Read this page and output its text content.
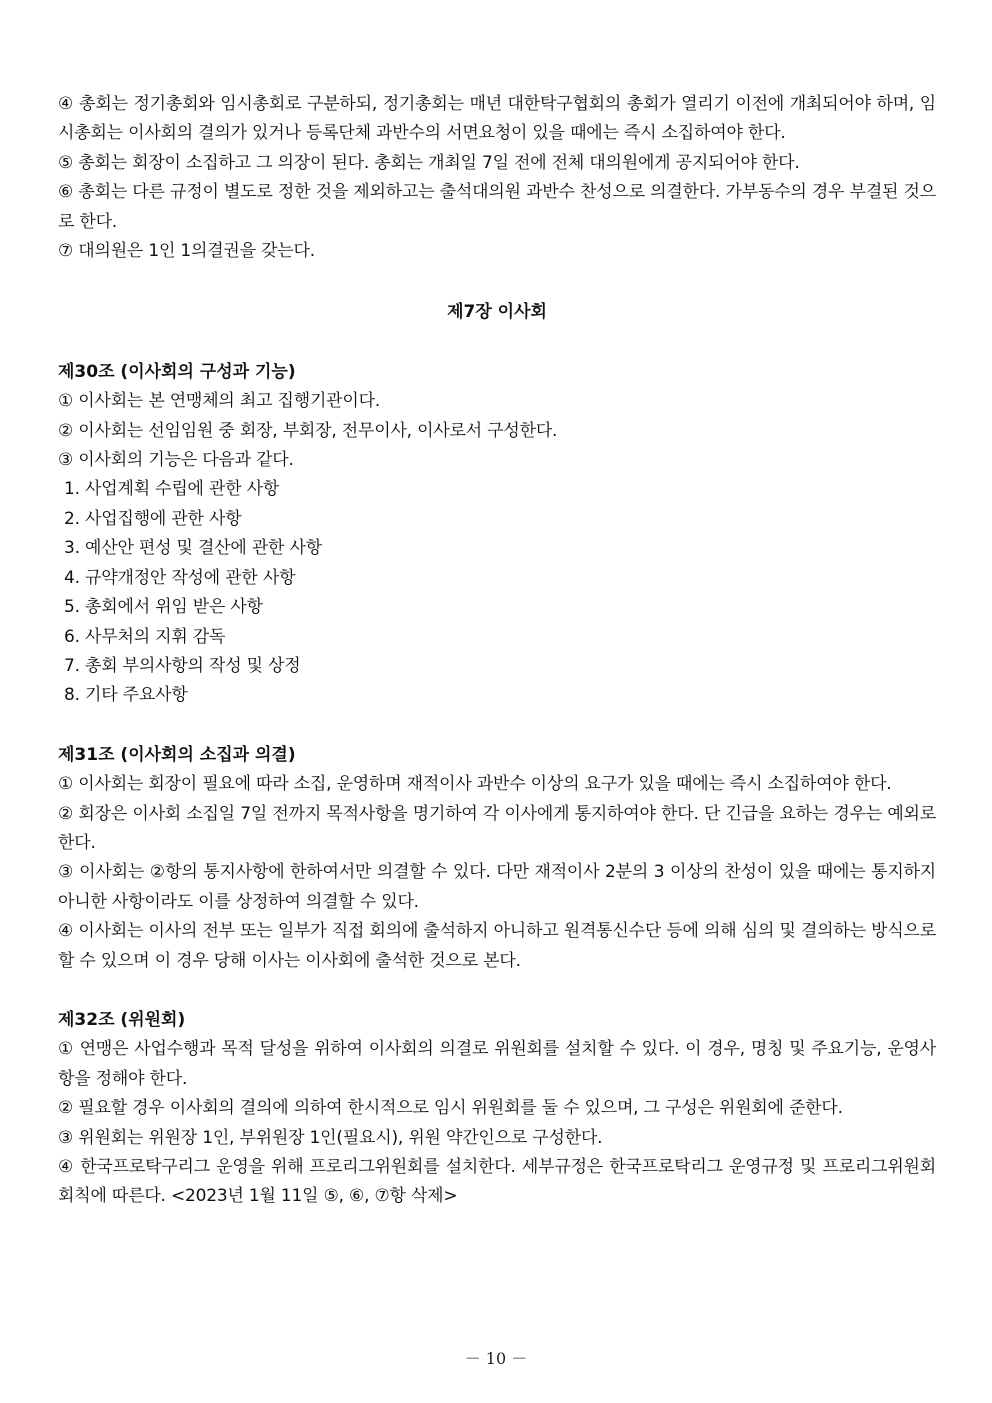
④ 총회는 정기총회와 임시총회로 구분하되, 정기총회는 매년 대한탁구협회의 총회가 열리기 이전에 개최되어야 하며, 임시총회는 이사회의 결의가 있거나 등록단체 과반수의 서면요청이 있을 때에는 즉시 소집하여야 한다.

⑤ 총회는 회장이 소집하고 그 의장이 된다. 총회는 개최일 7일 전에 전체 대의원에게 공지되어야 한다.

⑥ 총회는 다른 규정이 별도로 정한 것을 제외하고는 출석대의원 과반수 찬성으로 의결한다. 가부동수의 경우 부결된 것으로 한다.

⑦ 대의원은 1인 1의결권을 갖는다.

제7장 이사회

제30조 (이사회의 구성과 기능)

① 이사회는 본 연맹체의 최고 집행기관이다.

② 이사회는 선임임원 중 회장, 부회장, 전무이사, 이사로서 구성한다.

③ 이사회의 기능은 다음과 같다.

1. 사업계획 수립에 관한 사항

2. 사업집행에 관한 사항

3. 예산안 편성 및 결산에 관한 사항

4. 규약개정안 작성에 관한 사항

5. 총회에서 위임 받은 사항

6. 사무처의 지휘 감독

7. 총회 부의사항의 작성 및 상정

8. 기타 주요사항

제31조 (이사회의 소집과 의결)

① 이사회는 회장이 필요에 따라 소집, 운영하며 재적이사 과반수 이상의 요구가 있을 때에는 즉시 소집하여야 한다.

② 회장은 이사회 소집일 7일 전까지 목적사항을 명기하여 각 이사에게 통지하여야 한다. 단 긴급을 요하는 경우는 예외로 한다.

③ 이사회는 ②항의 통지사항에 한하여서만 의결할 수 있다. 다만 재적이사 2분의 3 이상의 찬성이 있을 때에는 통지하지 아니한 사항이라도 이를 상정하여 의결할 수 있다.

④ 이사회는 이사의 전부 또는 일부가 직접 회의에 출석하지 아니하고 원격통신수단 등에 의해 심의 및 결의하는 방식으로 할 수 있으며 이 경우 당해 이사는 이사회에 출석한 것으로 본다.

제32조 (위원회)

① 연맹은 사업수행과 목적 달성을 위하여 이사회의 의결로 위원회를 설치할 수 있다. 이 경우, 명칭 및 주요기능, 운영사항을 정해야 한다.

② 필요할 경우 이사회의 결의에 의하여 한시적으로 임시 위원회를 둘 수 있으며, 그 구성은 위원회에 준한다.

③ 위원회는 위원장 1인, 부위원장 1인(필요시), 위원 약간인으로 구성한다.

④ 한국프로탁구리그 운영을 위해 프로리그위원회를 설치한다. 세부규정은 한국프로탁리그 운영규정 및 프로리그위원회 회칙에 따른다. <2023년 1월 11일 ⑤, ⑥, ⑦항 삭제>

－ 10 －
